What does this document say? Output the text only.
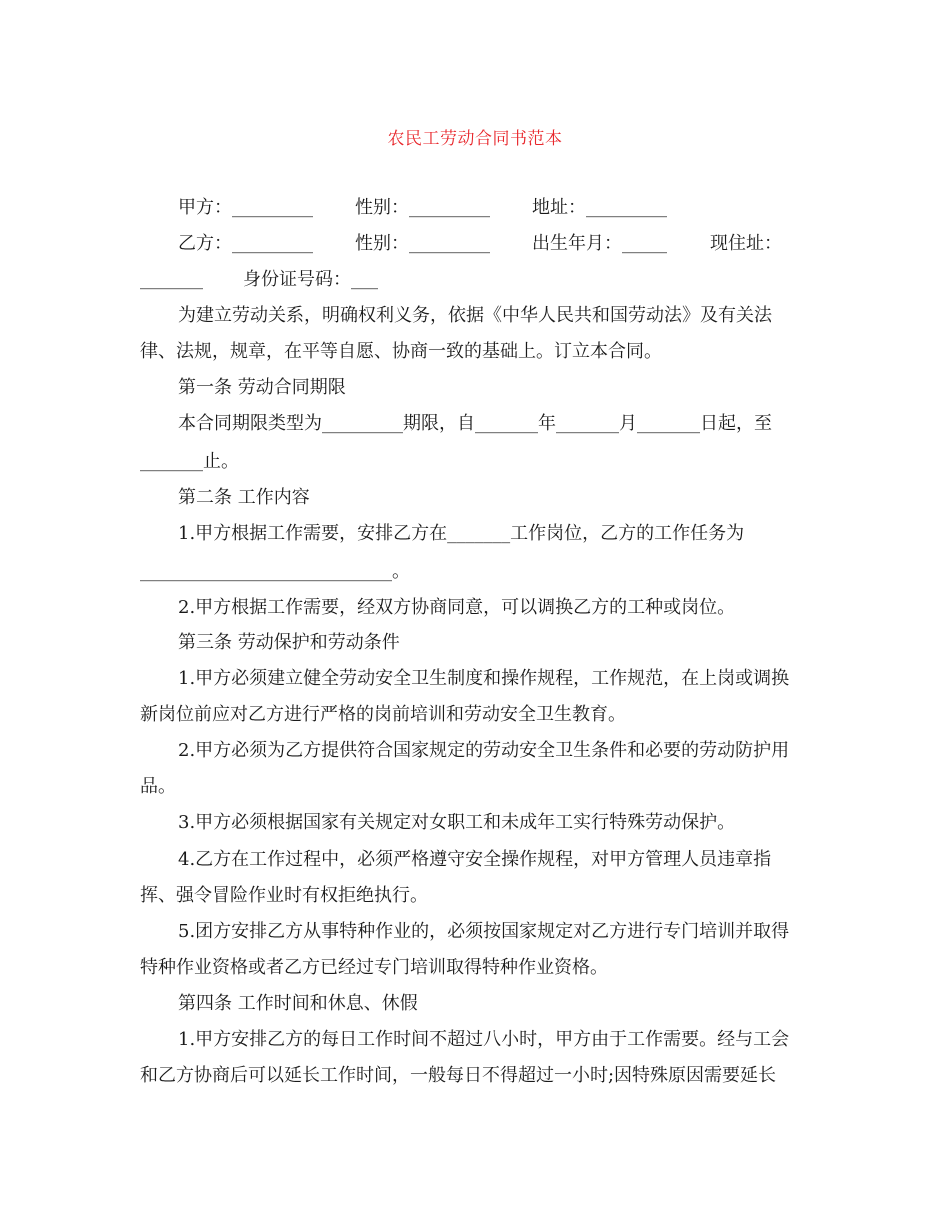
农民工劳动合同书范本
甲方：_________ 性别：_________ 地址：_________
乙方：_________ 性别：_________ 出生年月：_____ 现住址：
_______ 身份证号码：___
为建立劳动关系，明确权利义务，依据《中华人民共和国劳动法》及有关法
律、法规，规章，在平等自愿、协商一致的基础上。订立本合同。
第一条 劳动合同期限
本合同期限类型为_________期限，自_______年_______月_______日起，至
_______止。
第二条 工作内容
1.甲方根据工作需要，安排乙方在_______工作岗位，乙方的工作任务为
____________________________。
2.甲方根据工作需要，经双方协商同意，可以调换乙方的工种或岗位。
第三条 劳动保护和劳动条件
1.甲方必须建立健全劳动安全卫生制度和操作规程，工作规范，在上岗或调换
新岗位前应对乙方进行严格的岗前培训和劳动安全卫生教育。
2.甲方必须为乙方提供符合国家规定的劳动安全卫生条件和必要的劳动防护用
品。
3.甲方必须根据国家有关规定对女职工和未成年工实行特殊劳动保护。
4.乙方在工作过程中，必须严格遵守安全操作规程，对甲方管理人员违章指
挥、强令冒险作业时有权拒绝执行。
5.团方安排乙方从事特种作业的，必须按国家规定对乙方进行专门培训并取得
特种作业资格或者乙方已经过专门培训取得特种作业资格。
第四条 工作时间和休息、休假
1.甲方安排乙方的每日工作时间不超过八小时，甲方由于工作需要。经与工会
和乙方协商后可以延长工作时间，一般每日不得超过一小时;因特殊原因需要延长
